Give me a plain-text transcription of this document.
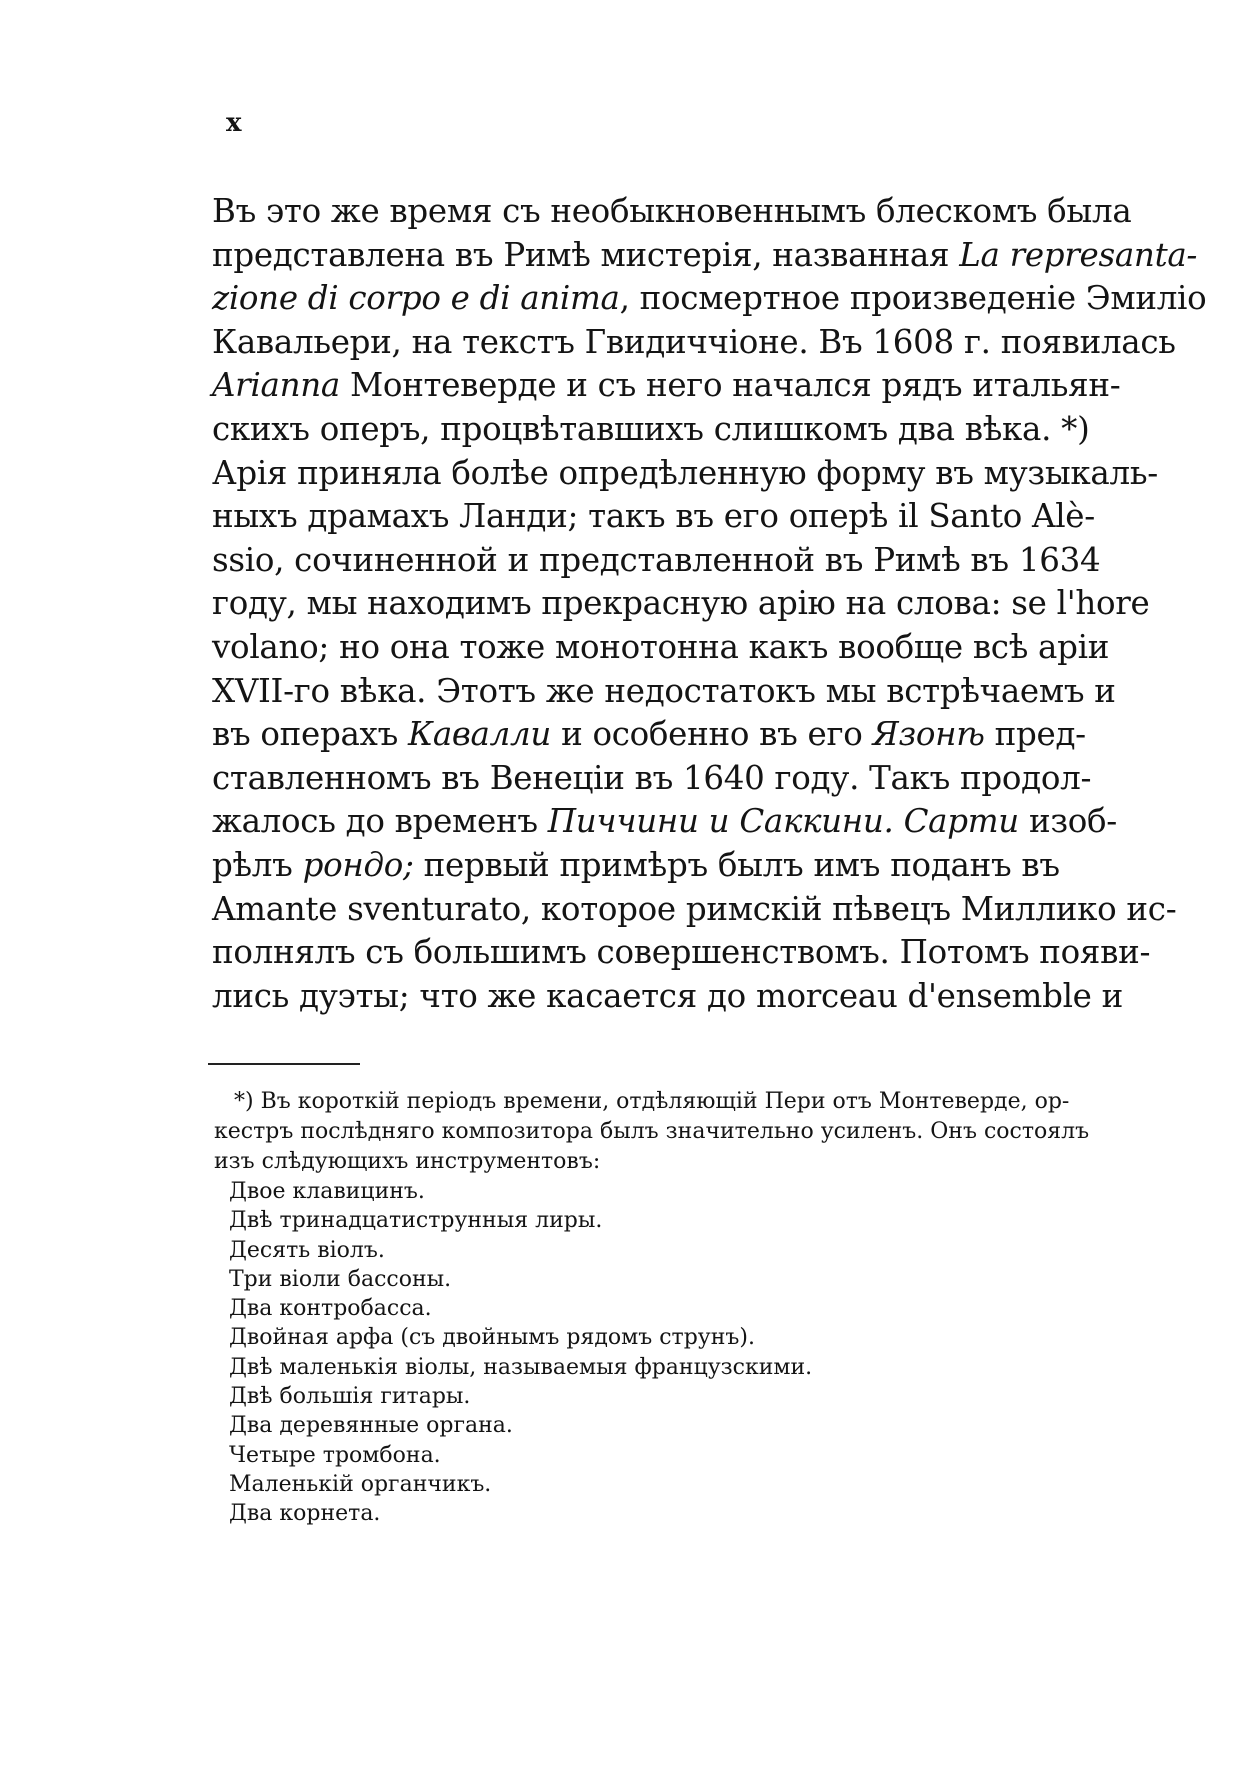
x
Въ это же время съ необыкновеннымъ блескомъ была
представлена въ Римѣ мистерія, названная La represanta-
zione di corpo e di anima, посмертное произведеніе Эмиліо
Кавальери, на текстъ Гвидиччіоне. Въ 1608 г. появилась
Arianna Монтеверде и съ него начался рядъ итальян-
скихъ оперъ, процвѣтавшихъ слишкомъ два вѣка. *)
Арія приняла болѣе опредѣленную форму въ музыкаль-
ныхъ драмахъ Ланди; такъ въ его оперѣ il Santo Alè-
ssio, сочиненной и представленной въ Римѣ въ 1634
году, мы находимъ прекрасную арію на слова: se l'hore
volano; но она тоже монотонна какъ вообще всѣ аріи
XVII-го вѣка. Этотъ же недостатокъ мы встрѣчаемъ и
въ операхъ Кавалли и особенно въ его Язонѣ пред-
ставленномъ въ Венеціи въ 1640 году. Такъ продол-
жалось до временъ Пиччини и Саккини. Сарти изоб-
рѣлъ рондо; первый примѣръ былъ имъ поданъ въ
Amante sventurato, которое римскій пѣвецъ Миллико ис-
полнялъ съ большимъ совершенствомъ. Потомъ появи-
лись дуэты; что же касается до morceau d'ensemble и
*) Въ короткій періодъ времени, отдѣляющій Пери отъ Монтеверде, ор-
кестръ послѣдняго композитора былъ значительно усиленъ. Онъ состоялъ
изъ слѣдующихъ инструментовъ:
Двое клавицинъ.
Двѣ тринадцатиструнныя лиры.
Десять віолъ.
Три віоли бассоны.
Два контробасса.
Двойная арфа (съ двойнымъ рядомъ струнъ).
Двѣ маленькія віолы, называемыя французскими.
Двѣ большія гитары.
Два деревянные органа.
Четыре тромбона.
Маленькій органчикъ.
Два корнета.
